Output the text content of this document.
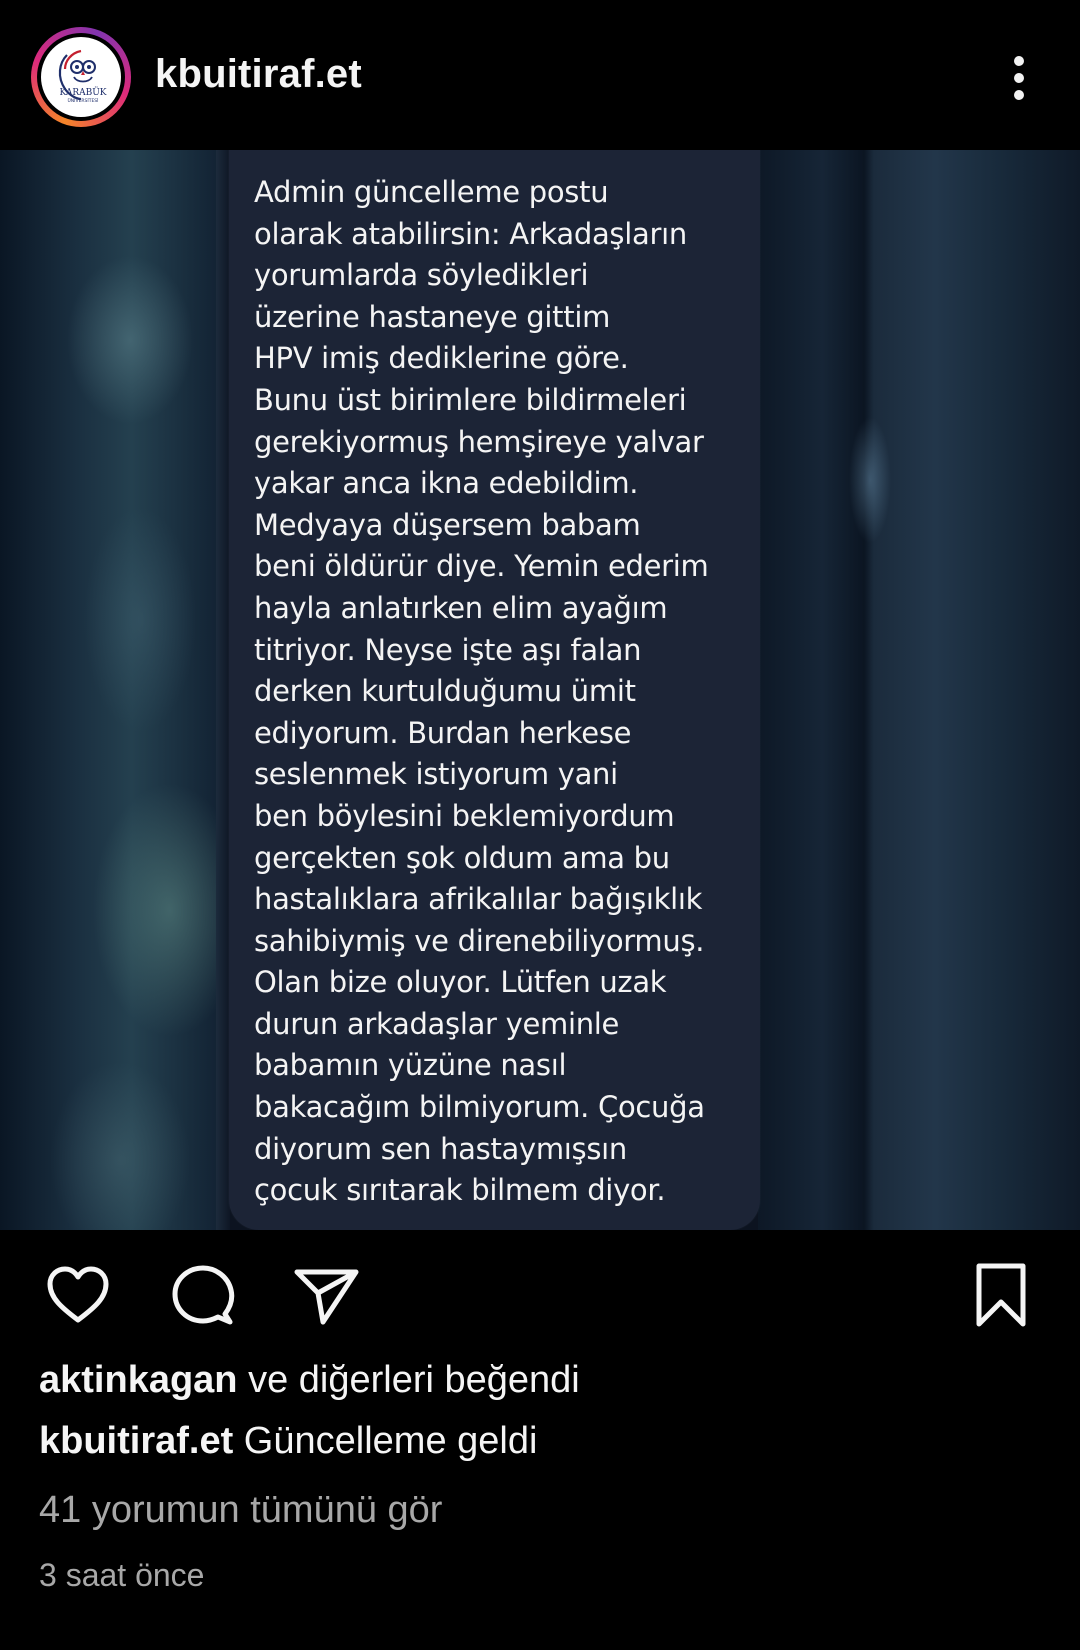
KARABÜK
ÜNİVERSİTESİ
kbuitiraf.et

Admin güncelleme postu
olarak atabilirsin: Arkadaşların
yorumlarda söyledikleri
üzerine hastaneye gittim
HPV imiş dediklerine göre.
Bunu üst birimlere bildirmeleri
gerekiyormuş hemşireye yalvar
yakar anca ikna edebildim.
Medyaya düşersem babam
beni öldürür diye. Yemin ederim
hayla anlatırken elim ayağım
titriyor. Neyse işte aşı falan
derken kurtulduğumu ümit
ediyorum. Burdan herkese
seslenmek istiyorum yani
ben böylesini beklemiyordum
gerçekten şok oldum ama bu
hastalıklara afrikalılar bağışıklık
sahibiymiş ve direnebiliyormuş.
Olan bize oluyor. Lütfen uzak
durun arkadaşlar yeminle
babamın yüzüne nasıl
bakacağım bilmiyorum. Çocuğa
diyorum sen hastaymışsın
çocuk sırıtarak bilmem diyor.

aktinkagan ve diğerleri beğendi
kbuitiraf.et Güncelleme geldi
41 yorumun tümünü gör
3 saat önce
